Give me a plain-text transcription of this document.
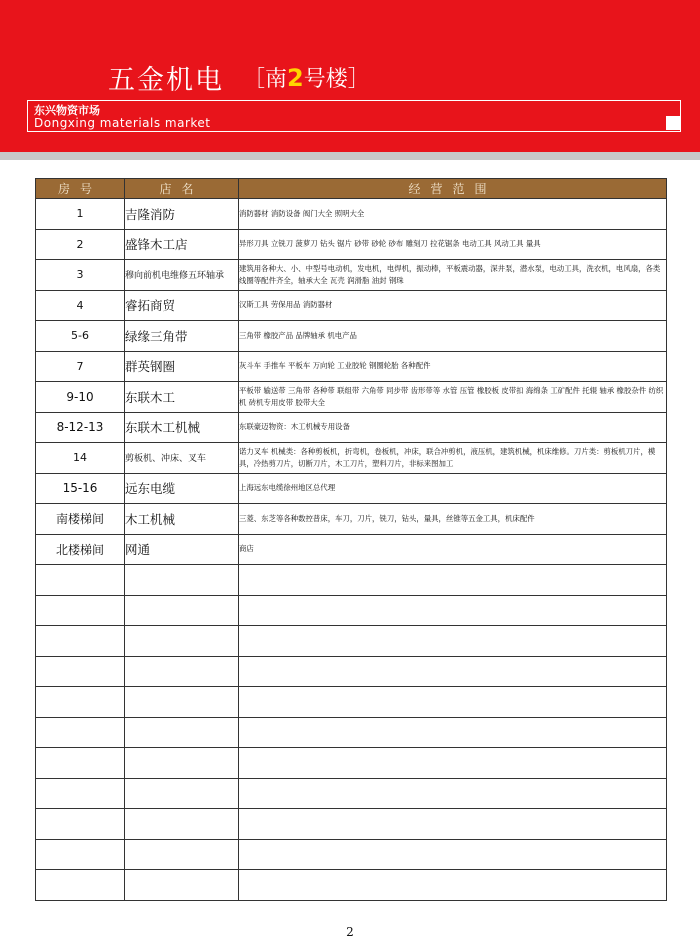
五金机电 ［南2号楼］
东兴物资市场
Dongxing materials market
房号	店名	经营范围
1	吉隆消防	消防器材 消防设备 阀门大全 照明大全
2	盛锋木工店	异形刀具 立铣刀 菠萝刀 钻头 锯片 砂带 砂轮 砂布 雕刻刀 拉花锯条 电动工具 风动工具 量具
3	穆向前机电维修五环轴承	建筑用各种大、小、中型号电动机，发电机，电焊机，振动棒，平板震动器，深井泵，潜水泵，电动工具，洗衣机，电风扇，各类线圈等配件齐全，轴承大全 瓦壳 润滑脂 油封 钢珠
4	睿拓商贸	汉斯工具 劳保用品 消防器材
5-6	绿缘三角带	三角带 橡胶产品 品牌轴承 机电产品
7	群英钢圈	灰斗车 手推车 平板车 万向轮 工业胶轮 钢圈轮胎 各种配件
9-10	东联木工	平板带 输送带 三角带 各种带 联组带 六角带 同步带 齿形带等 水管 压管 橡胶板 皮带扣 海绵条 工矿配件 托辊 轴承 橡胶杂件 纺织机 砖机专用皮带 胶带大全
8-12-13	东联木工机械	东联豪迈物资：木工机械专用设备
14	剪板机、冲床、叉车	诺力叉车 机械类：各种剪板机，折弯机，卷板机，冲床，联合冲剪机，液压机，建筑机械，机床维修。刀片类：剪板机刀片，模具，冷热剪刀片，切断刀片，木工刀片，塑料刀片，非标来图加工
15-16	远东电缆	上海远东电缆徐州地区总代理
南楼梯间	木工机械	三菱、东芝等各种数控普床，车刀，刀片，铣刀，钻头，量具，丝锥等五金工具，机床配件
北楼梯间	网通	商店

2
